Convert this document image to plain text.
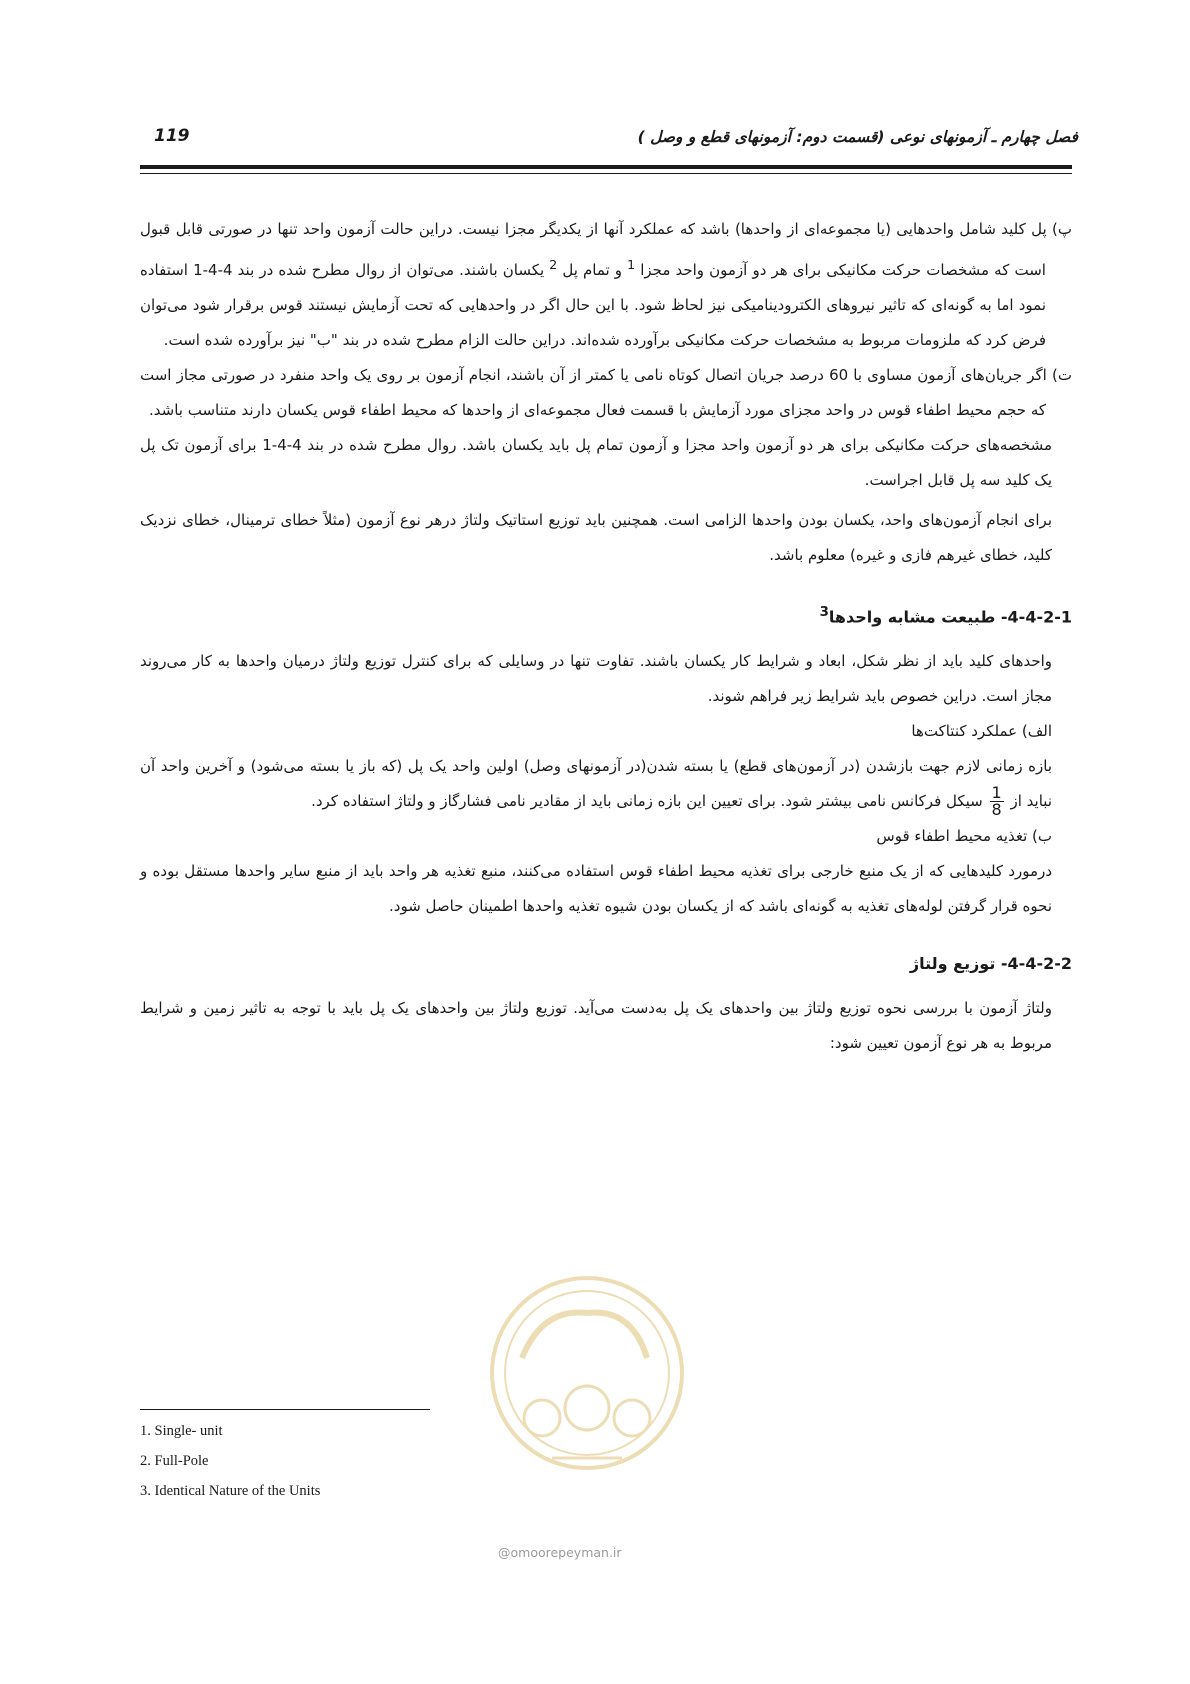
فصل چهارم ـ آزمونهای نوعی (قسمت دوم: آزمونهای قطع و وصل )
119

پ) پل کلید شامل واحدهایی (یا مجموعه‌ای از واحدها) باشد که عملکرد آنها از یکدیگر مجزا نیست. دراین حالت آزمون واحد تنها در صورتی قابل قبول است که مشخصات حرکت مکانیکی برای هر دو آزمون واحد مجزا $^1$ و تمام پل $^2$ یکسان باشند. می‌توان از روال مطرح شده در بند 4-4-1 استفاده نمود اما به گونه‌ای که تاثیر نیروهای الکترودینامیکی نیز لحاظ شود. با این حال اگر در واحدهایی که تحت آزمایش نیستند قوس برقرار شود می‌توان فرض کرد که ملزومات مربوط به مشخصات حرکت مکانیکی برآورده شده‌اند. دراین حالت الزام مطرح شده در بند "ب" نیز برآورده شده است.

ت) اگر جریان‌های آزمون مساوی با 60 درصد جریان اتصال کوتاه نامی یا کمتر از آن باشند، انجام آزمون بر روی یک واحد منفرد در صورتی مجاز است که حجم محیط اطفاء قوس در واحد مجزای مورد آزمایش با قسمت فعال مجموعه‌ای از واحدها که محیط اطفاء قوس یکسان دارند متناسب باشد.

مشخصه‌های حرکت مکانیکی برای هر دو آزمون واحد مجزا و آزمون تمام پل باید یکسان باشد. روال مطرح شده در بند 4-4-1 برای آزمون تک پل یک کلید سه پل قابل اجراست.

برای انجام آزمون‌های واحد، یکسان بودن واحدها الزامی است. همچنین باید توزیع استاتیک ولتاژ درهر نوع آزمون (مثلاً خطای ترمینال، خطای نزدیک کلید، خطای غیرهم فازی و غیره) معلوم باشد.

4-4-2-1- طبیعت مشابه واحدها$^3$

واحدهای کلید باید از نظر شکل، ابعاد و شرایط کار یکسان باشند. تفاوت تنها در وسایلی که برای کنترل توزیع ولتاژ درمیان واحدها به کار می‌روند مجاز است. دراین خصوص باید شرایط زیر فراهم شوند.

الف) عملکرد کنتاکت‌ها

بازه زمانی لازم جهت بازشدن (در آزمون‌های قطع) یا بسته شدن(در آزمونهای وصل) اولین واحد یک پل (که باز یا بسته می‌شود) و آخرین واحد آن نباید از
$\frac{1}{8}$
سیکل فرکانس نامی بیشتر شود. برای تعیین این بازه زمانی باید از مقادیر نامی فشارگاز و ولتاژ استفاده کرد.

ب) تغذیه محیط اطفاء قوس

درمورد کلیدهایی که از یک منبع خارجی برای تغذیه محیط اطفاء قوس استفاده می‌کنند، منبع تغذیه هر واحد باید از منبع سایر واحدها مستقل بوده و نحوه قرار گرفتن لوله‌های تغذیه به گونه‌ای باشد که از یکسان بودن شیوه تغذیه واحدها اطمینان حاصل شود.

4-4-2-2- توزیع ولتاژ

ولتاژ آزمون با بررسی نحوه توزیع ولتاژ بین واحدهای یک پل به‌دست می‌آید. توزیع ولتاژ بین واحدهای یک پل باید با توجه به تاثیر زمین و شرایط مربوط به هر نوع آزمون تعیین شود:

@omoorepeyman.ir
1. Single- unit
2. Full-Pole
3. Identical Nature of the Units
